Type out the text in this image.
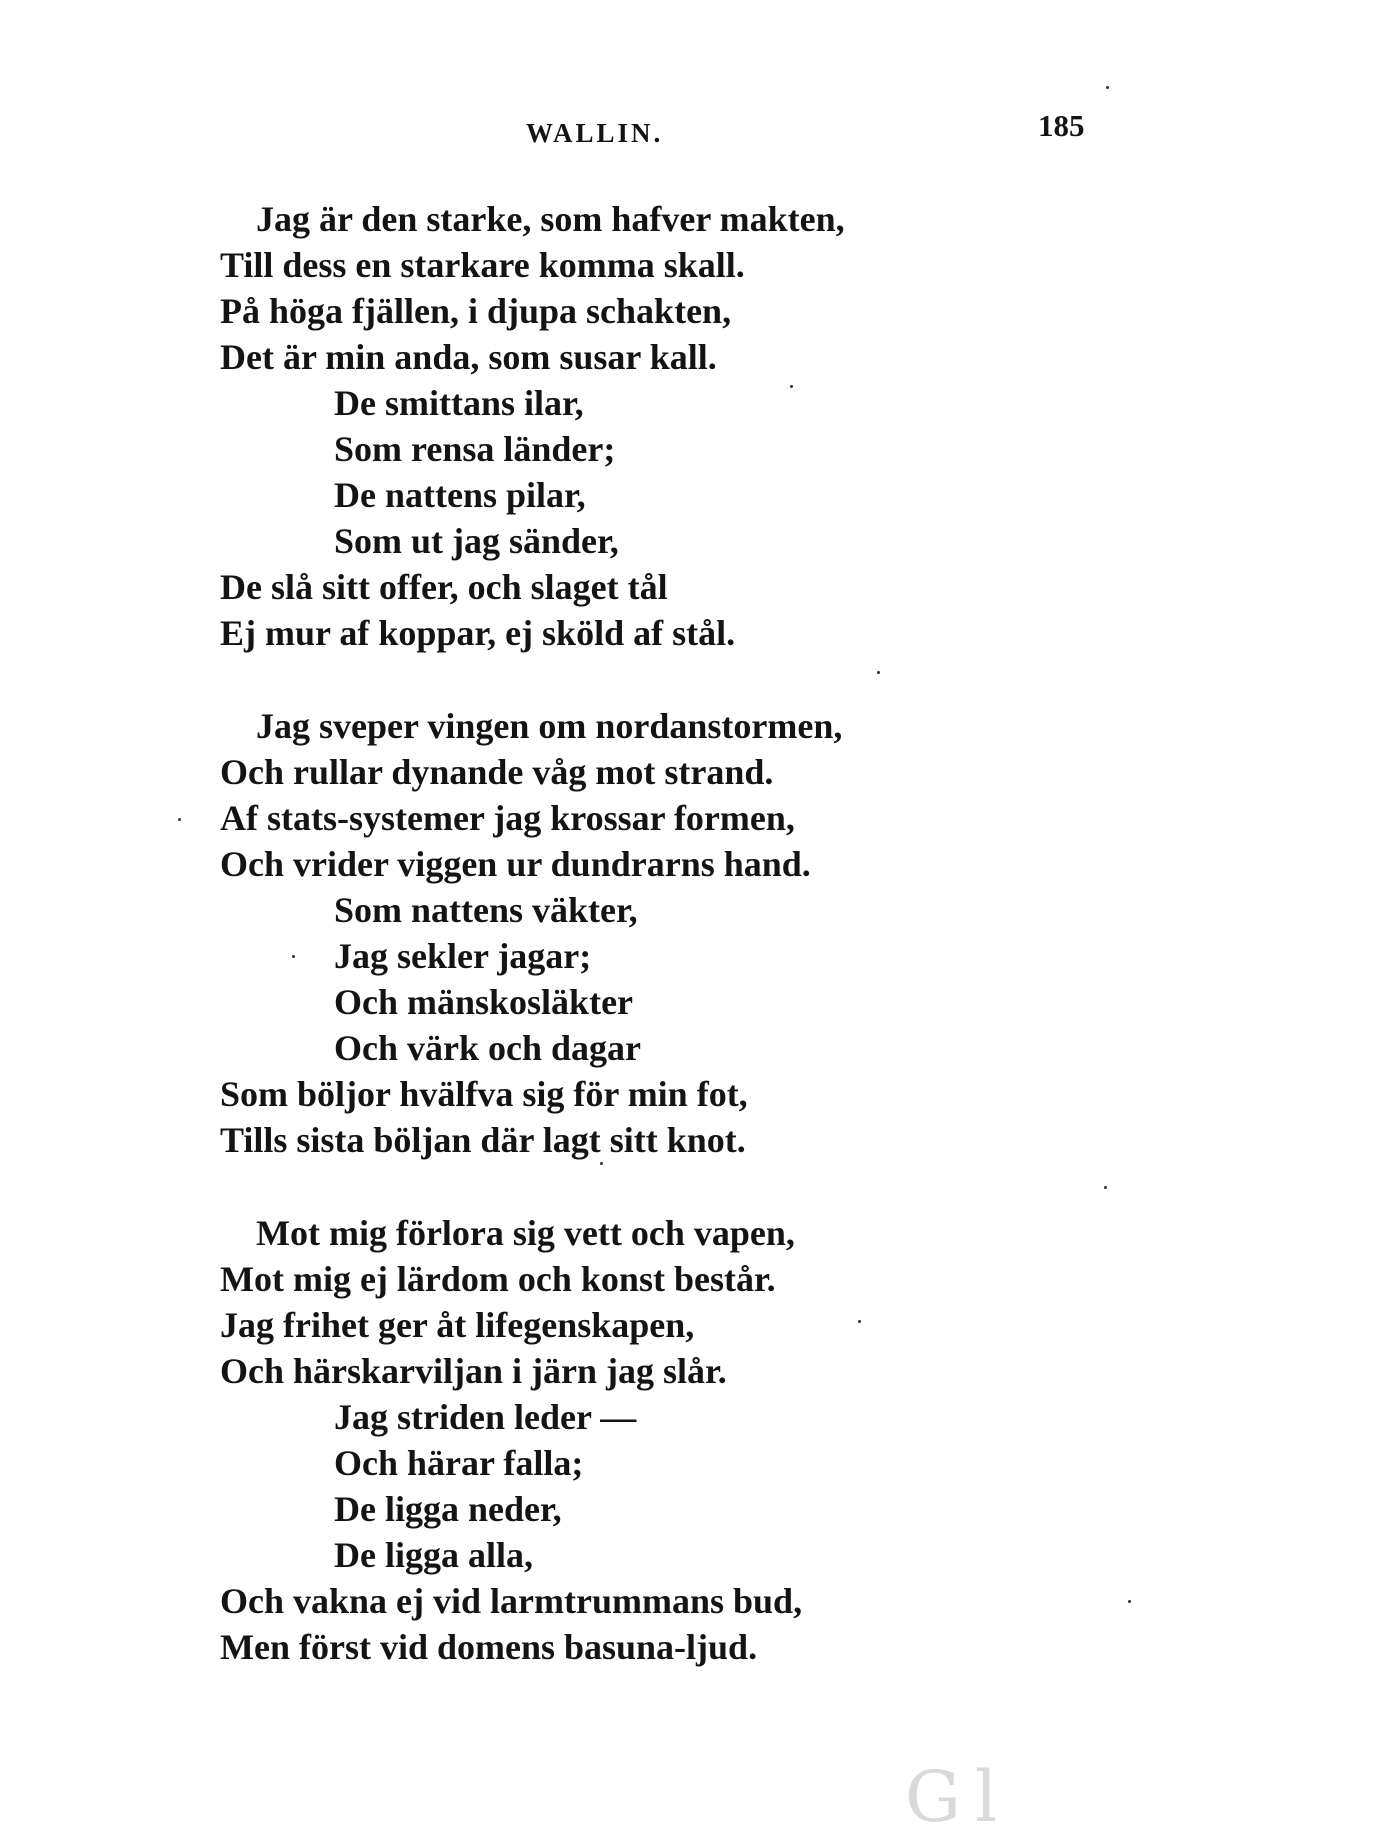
WALLIN.	185
Jag är den starke, som hafver makten,
Till dess en starkare komma skall.
På höga fjällen, i djupa schakten,
Det är min anda, som susar kall.
De smittans ilar,
Som rensa länder;
De nattens pilar,
Som ut jag sänder,
De slå sitt offer, och slaget tål
Ej mur af koppar, ej sköld af stål.
Jag sveper vingen om nordanstormen,
Och rullar dynande våg mot strand.
Af stats-systemer jag krossar formen,
Och vrider viggen ur dundrarns hand.
Som nattens väkter,
Jag sekler jagar;
Och mänskosläkter
Och värk och dagar
Som böljor hvälfva sig för min fot,
Tills sista böljan där lagt sitt knot.
Mot mig förlora sig vett och vapen,
Mot mig ej lärdom och konst består.
Jag frihet ger åt lifegenskapen,
Och härskarviljan i järn jag slår.
Jag striden leder —
Och härar falla;
De ligga neder,
De ligga alla,
Och vakna ej vid larmtrummans bud,
Men först vid domens basuna-ljud.
G  l
